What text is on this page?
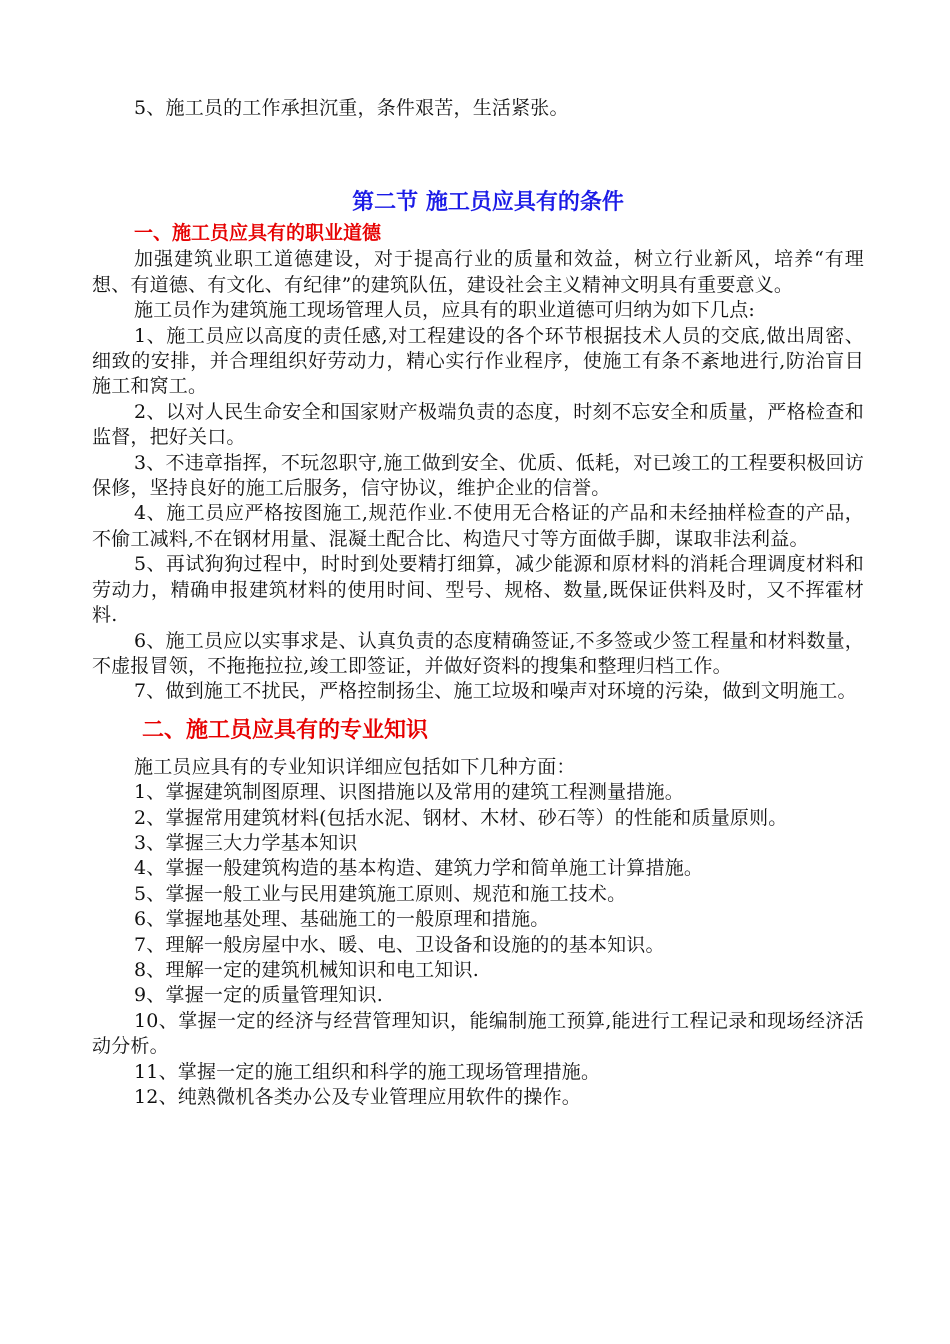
5、施工员的工作承担沉重，条件艰苦，生活紧张。

第二节 施工员应具有的条件
一、施工员应具有的职业道德

加强建筑业职工道德建设，对于提高行业的质量和效益，树立行业新风，培养“有理想、有道德、有文化、有纪律”的建筑队伍，建设社会主义精神文明具有重要意义。

施工员作为建筑施工现场管理人员，应具有的职业道德可归纳为如下几点:

1、施工员应以高度的责任感,对工程建设的各个环节根据技术人员的交底,做出周密、细致的安排，并合理组织好劳动力，精心实行作业程序，使施工有条不紊地进行,防治盲目施工和窝工。

2、以对人民生命安全和国家财产极端负责的态度，时刻不忘安全和质量，严格检查和监督，把好关口。

3、不违章指挥，不玩忽职守,施工做到安全、优质、低耗，对已竣工的工程要积极回访保修，坚持良好的施工后服务，信守协议，维护企业的信誉。

4、施工员应严格按图施工,规范作业.不使用无合格证的产品和未经抽样检查的产品，不偷工减料,不在钢材用量、混凝土配合比、构造尺寸等方面做手脚，谋取非法利益。

5、再试狗狗过程中，时时到处要精打细算，减少能源和原材料的消耗合理调度材料和劳动力，精确申报建筑材料的使用时间、型号、规格、数量,既保证供料及时，又不挥霍材料.

6、施工员应以实事求是、认真负责的态度精确签证,不多签或少签工程量和材料数量，不虚报冒领，不拖拖拉拉,竣工即签证，并做好资料的搜集和整理归档工作。

7、做到施工不扰民，严格控制扬尘、施工垃圾和噪声对环境的污染，做到文明施工。

二、施工员应具有的专业知识

施工员应具有的专业知识详细应包括如下几种方面：

1、掌握建筑制图原理、识图措施以及常用的建筑工程测量措施。

2、掌握常用建筑材料(包括水泥、钢材、木材、砂石等）的性能和质量原则。

3、掌握三大力学基本知识

4、掌握一般建筑构造的基本构造、建筑力学和简单施工计算措施。

5、掌握一般工业与民用建筑施工原则、规范和施工技术。

6、掌握地基处理、基础施工的一般原理和措施。

7、理解一般房屋中水、暖、电、卫设备和设施的的基本知识。

8、理解一定的建筑机械知识和电工知识.

9、掌握一定的质量管理知识.

10、掌握一定的经济与经营管理知识，能编制施工预算,能进行工程记录和现场经济活动分析。

11、掌握一定的施工组织和科学的施工现场管理措施。

12、纯熟微机各类办公及专业管理应用软件的操作。
